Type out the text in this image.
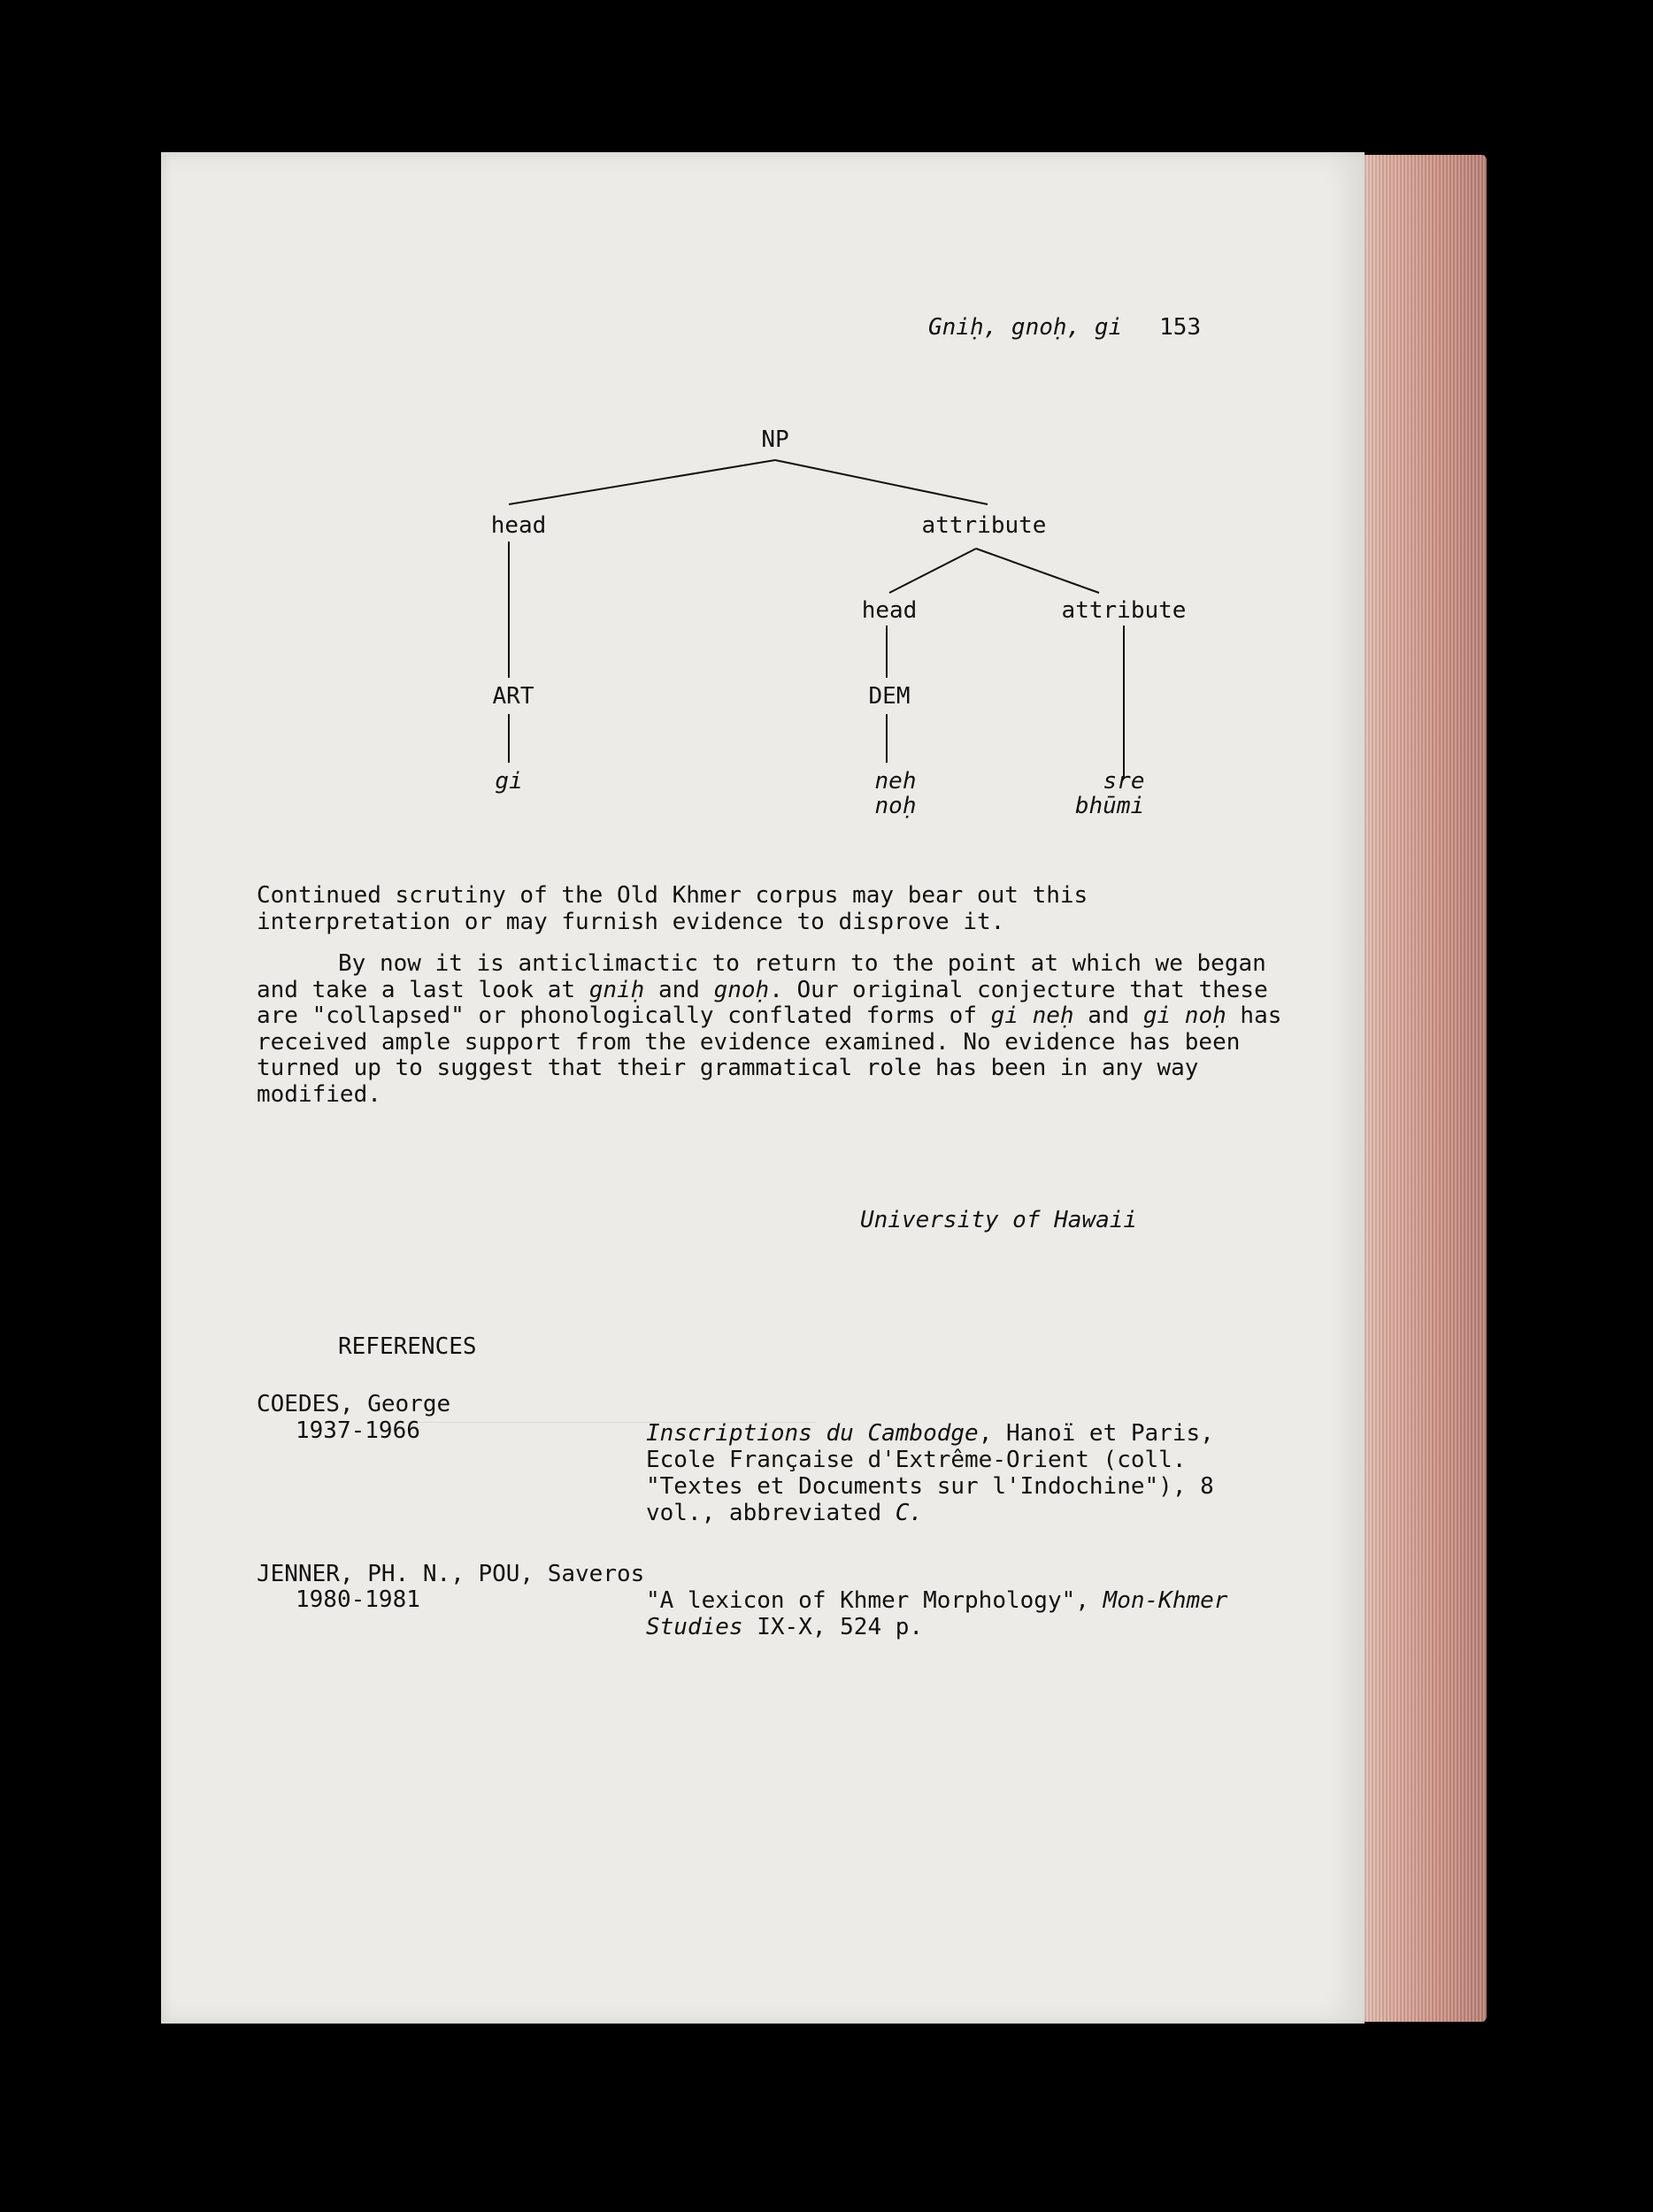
Gniḥ, gnoḥ, gi 153
NP
head	attribute
head	attribute
ART	DEM
gi	neh
noḥ
sre
bhūmi

Continued scrutiny of the Old Khmer corpus may bear out this interpretation or may furnish evidence to disprove it.

By now it is anticlimactic to return to the point at which we began and take a last look at gniḥ and gnoḥ. Our original conjecture that these are "collapsed" or phonologically conflated forms of gi neḥ and gi noḥ has received ample support from the evidence examined. No evidence has been turned up to suggest that their grammatical role has been in any way modified.

University of Hawaii
REFERENCES
COEDES, George
1937-1966	Inscriptions du Cambodge, Hanoï et Paris, Ecole Française d'Extrême-Orient (coll. "Textes et Documents sur l'Indochine"), 8 vol., abbreviated C.
JENNER, PH. N., POU, Saveros
1980-1981	"A lexicon of Khmer Morphology", Mon-Khmer Studies IX-X, 524 p.
